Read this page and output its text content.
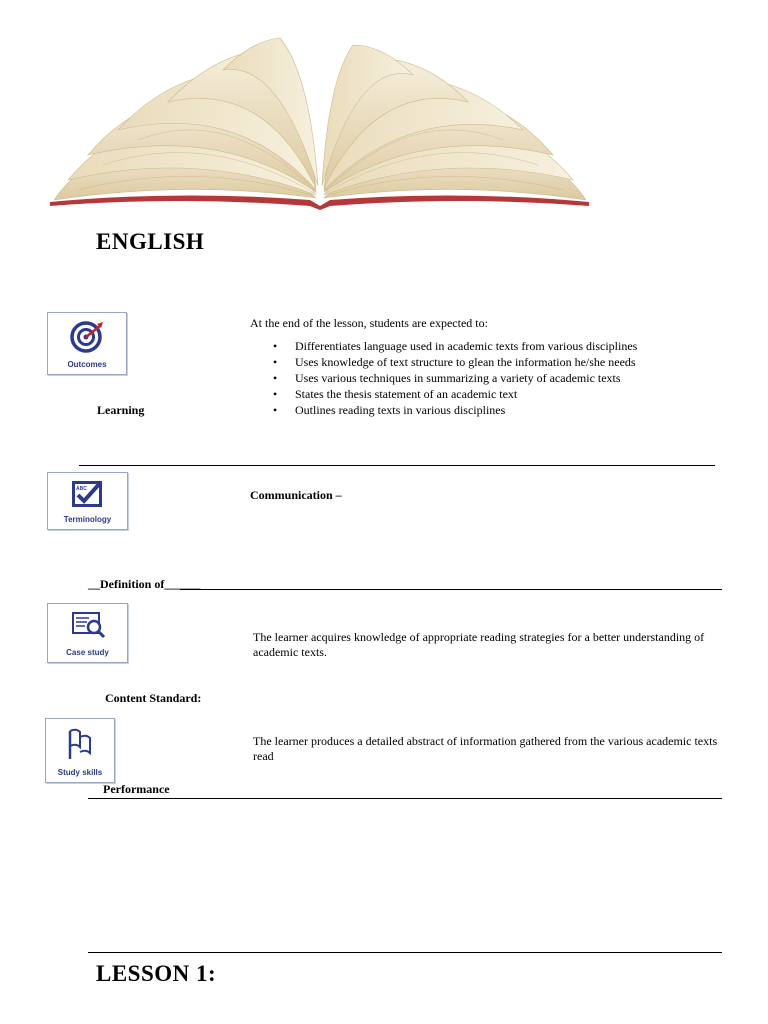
ENGLISH
Outcomes
Learning
At the end of the lesson, students are expected to:
• Differentiates language used in academic texts from various disciplines
• Uses knowledge of text structure to glean the information he/she needs
• Uses various techniques in summarizing a variety of academic texts
• States the thesis statement of an academic text
• Outlines reading texts in various disciplines
ABC
Terminology
Communication –
__Definition of______
Case study
The learner acquires knowledge of appropriate reading strategies for a better understanding of academic texts.
Content Standard:
Study skills
The learner produces a detailed abstract of information gathered from the various academic texts read
Performance
LESSON 1:
